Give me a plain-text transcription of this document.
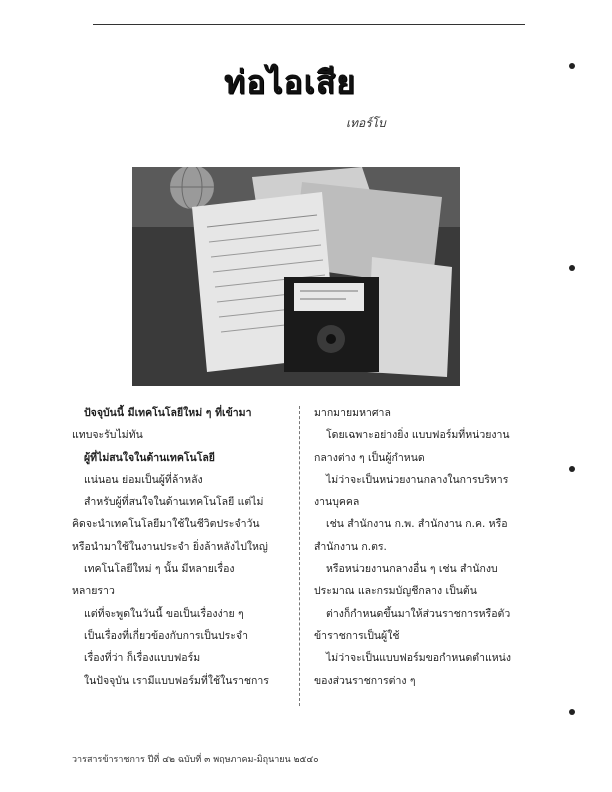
ท่อไอเสีย
เทอร์โบ

ปัจจุบันนี้ มีเทคโนโลยีใหม่ ๆ ที่เข้ามา

แทบจะรับไม่ทัน

ผู้ที่ไม่สนใจในด้านเทคโนโลยี

แน่นอน ย่อมเป็นผู้ที่ล้าหลัง

สำหรับผู้ที่สนใจในด้านเทคโนโลยี แต่ไม่

คิดจะนำเทคโนโลยีมาใช้ในชีวิตประจำวัน

หรือนำมาใช้ในงานประจำ ยิ่งล้าหลังไปใหญ่

เทคโนโลยีใหม่ ๆ นั้น มีหลายเรื่อง

หลายราว

แต่ที่จะพูดในวันนี้ ขอเป็นเรื่องง่าย ๆ

เป็นเรื่องที่เกี่ยวข้องกับการเป็นประจำ

เรื่องที่ว่า ก็เรื่องแบบฟอร์ม

ในปัจจุบัน เรามีแบบฟอร์มที่ใช้ในราชการ

มากมายมหาศาล

โดยเฉพาะอย่างยิ่ง แบบฟอร์มที่หน่วยงาน

กลางต่าง ๆ เป็นผู้กำหนด

ไม่ว่าจะเป็นหน่วยงานกลางในการบริหาร

งานบุคคล

เช่น สำนักงาน ก.พ. สำนักงาน ก.ค. หรือ

สำนักงาน ก.ตร.

หรือหน่วยงานกลางอื่น ๆ เช่น สำนักงบ

ประมาณ และกรมบัญชีกลาง เป็นต้น

ต่างก็กำหนดขึ้นมาให้ส่วนราชการหรือตัว

ข้าราชการเป็นผู้ใช้

ไม่ว่าจะเป็นแบบฟอร์มขอกำหนดตำแหน่ง

ของส่วนราชการต่าง ๆ

วารสารข้าราชการ ปีที่ ๔๒ ฉบับที่ ๓ พฤษภาคม-มิถุนายน ๒๕๔๐
